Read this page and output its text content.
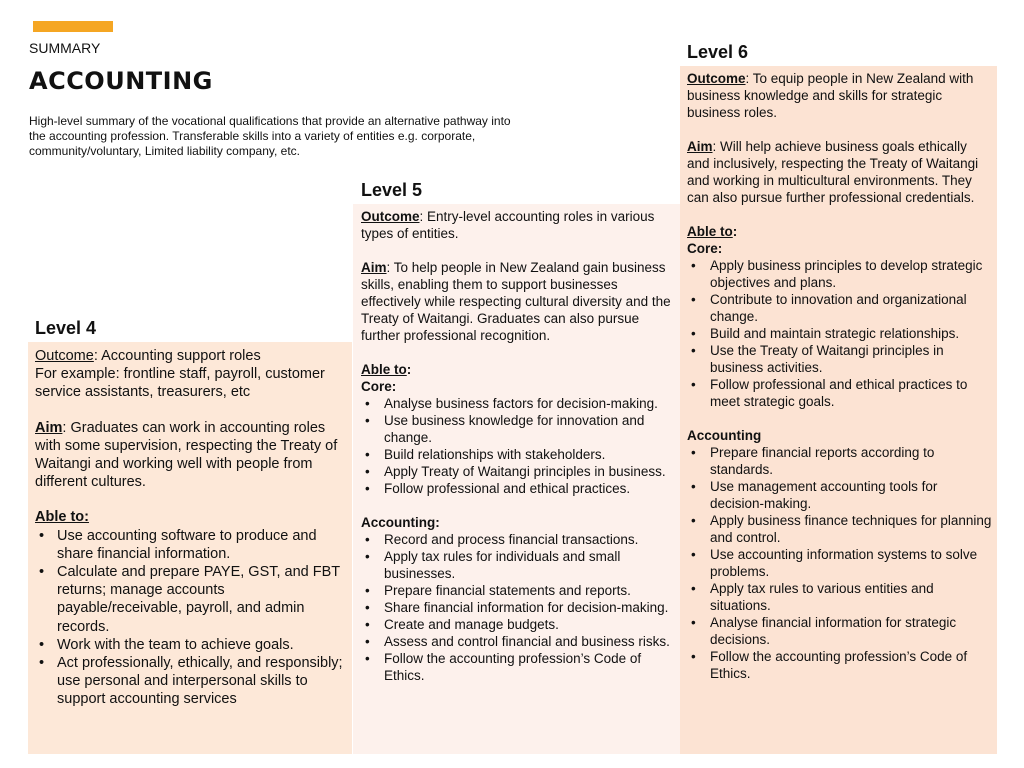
SUMMARY
ACCOUNTING
High-level summary of the vocational qualifications that provide an alternative pathway into the accounting profession. Transferable skills into a variety of entities e.g. corporate, community/voluntary, Limited liability company, etc.
Level 4

Outcome: Accounting support roles

For example: frontline staff, payroll, customer service assistants, treasurers, etc

Aim: Graduates can work in accounting roles with some supervision, respecting the Treaty of Waitangi and working well with people from different cultures.

Able to:

• Use accounting software to produce and share financial information.
• Calculate and prepare PAYE, GST, and FBT returns; manage accounts payable/receivable, payroll, and admin records.
• Work with the team to achieve goals.
• Act professionally, ethically, and responsibly; use personal and interpersonal skills to support accounting services
Level 5

Outcome: Entry-level accounting roles in various types of entities.

Aim: To help people in New Zealand gain business skills, enabling them to support businesses effectively while respecting cultural diversity and the Treaty of Waitangi. Graduates can also pursue further professional recognition.

Able to:

Core:

• Analyse business factors for decision-making.
• Use business knowledge for innovation and change.
• Build relationships with stakeholders.
• Apply Treaty of Waitangi principles in business.
• Follow professional and ethical practices.

Accounting:

• Record and process financial transactions.
• Apply tax rules for individuals and small businesses.
• Prepare financial statements and reports.
• Share financial information for decision-making.
• Create and manage budgets.
• Assess and control financial and business risks.
• Follow the accounting profession’s Code of Ethics.
Level 6

Outcome: To equip people in New Zealand with business knowledge and skills for strategic business roles.

Aim: Will help achieve business goals ethically and inclusively, respecting the Treaty of Waitangi and working in multicultural environments. They can also pursue further professional credentials.

Able to:

Core:

• Apply business principles to develop strategic objectives and plans.
• Contribute to innovation and organizational change.
• Build and maintain strategic relationships.
• Use the Treaty of Waitangi principles in business activities.
• Follow professional and ethical practices to meet strategic goals.

Accounting

• Prepare financial reports according to standards.
• Use management accounting tools for decision-making.
• Apply business finance techniques for planning and control.
• Use accounting information systems to solve problems.
• Apply tax rules to various entities and situations.
• Analyse financial information for strategic decisions.
• Follow the accounting profession’s Code of Ethics.
